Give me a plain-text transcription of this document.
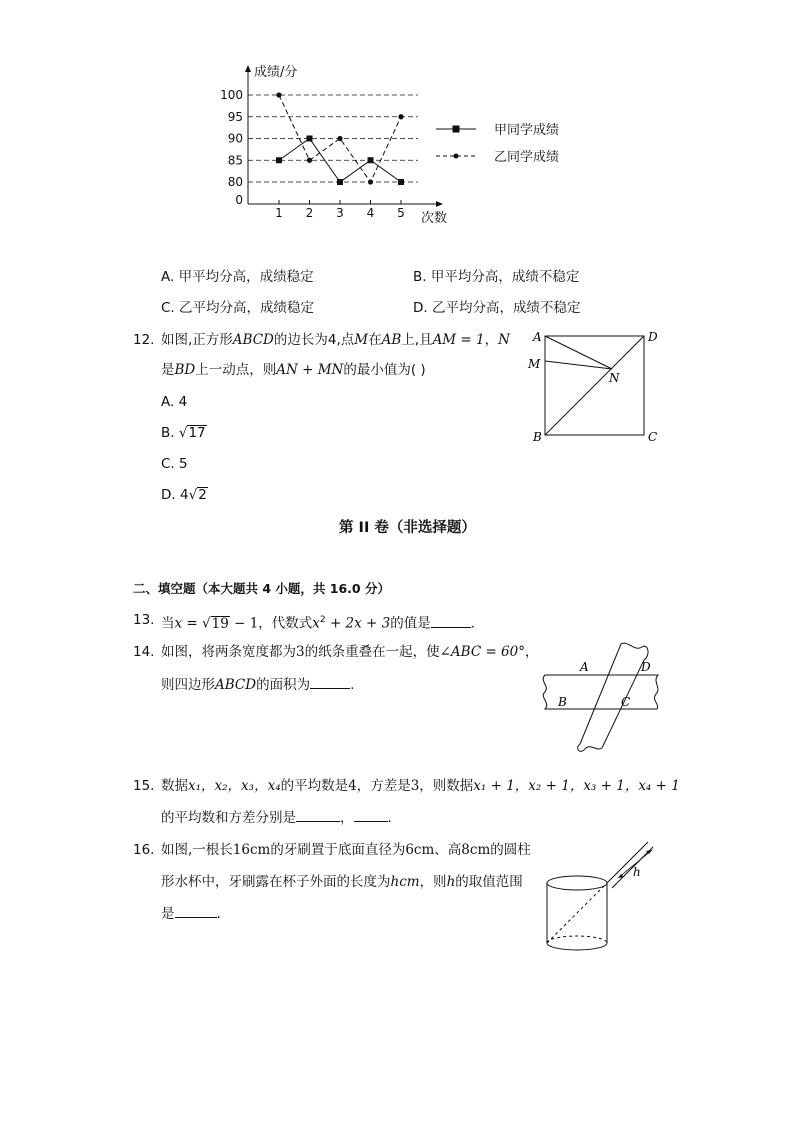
0
80
85
90
95
100
1 2 3 4 5
成绩/分
次数
甲同学成绩
乙同学成绩
A. 甲平均分高，成绩稳定	B. 甲平均分高，成绩不稳定
C. 乙平均分高，成绩稳定	D. 乙平均分高，成绩不稳定
12. 如图,正方形ABCD的边长为4,点M在AB上,且AM = 1，N
是BD上一动点，则AN + MN的最小值为( )
A. 4
B. √17
C. 5
D. 4√2
A	D
M
N
B	C
第 II 卷（非选择题）
二、填空题（本大题共 4 小题，共 16.0 分）
13. 当x = √19 − 1，代数式$x^2 + 2x + 3$的值是	.
14. 如图，将两条宽度都为3的纸条重叠在一起，使∠ABC = 60°，
则四边形ABCD的面积为	.
A	D
B	C
15. 数据x₁，x₂，x₃，x₄的平均数是4，方差是3，则数据x₁ + 1，x₂ + 1，x₃ + 1，x₄ + 1
的平均数和方差分别是	，	.
16. 如图,一根长16cm的牙刷置于底面直径为6cm、高8cm的圆柱
形水杯中，牙刷露在杯子外面的长度为hcm，则h的取值范围
是	.
h
